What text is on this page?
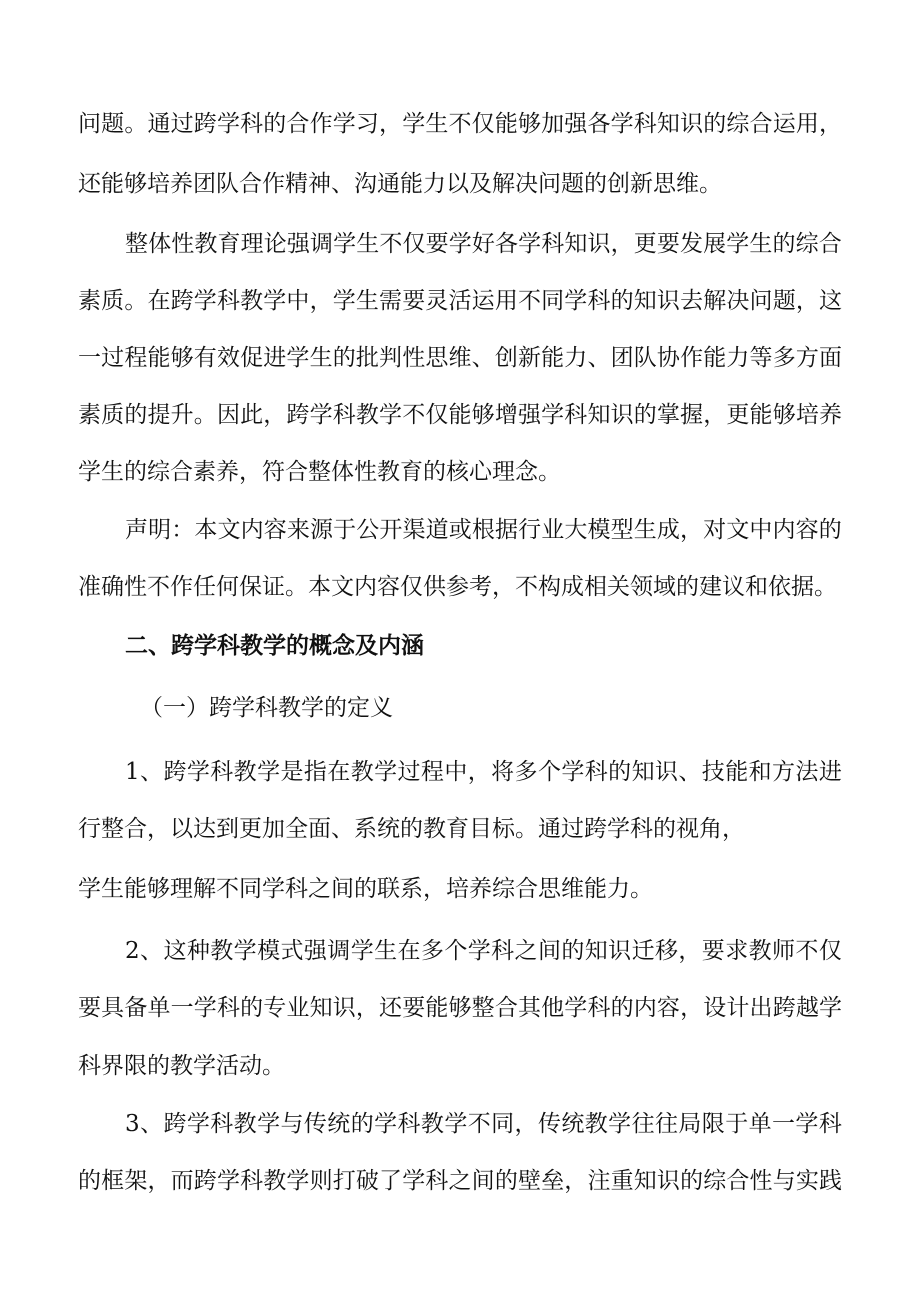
问 题 。 通 过 跨 学 科 的 合 作 学 习 ， 学 生 不 仅 能 够 加 强 各 学 科 知 识 的 综 合 运 用 ，
还能够培养团队合作精神、沟通能力以及解决问题的创新思维。
整 体 性 教 育 理 论 强 调 学 生 不 仅 要 学 好 各 学 科 知 识 ， 更 要 发 展 学 生 的 综 合
素 质 。 在 跨 学 科 教 学 中 ， 学 生 需 要 灵 活 运 用 不 同 学 科 的 知 识 去 解 决 问 题 ， 这
一 过 程 能 够 有 效 促 进 学 生 的 批 判 性 思 维 、 创 新 能 力 、 团 队 协 作 能 力 等 多 方 面
素 质 的 提 升 。 因 此 ， 跨 学 科 教 学 不 仅 能 够 增 强 学 科 知 识 的 掌 握 ， 更 能 够 培 养
学生的综合素养，符合整体性教育的核心理念。
声 明 ： 本 文 内 容 来 源 于 公 开 渠 道 或 根 据 行 业 大 模 型 生 成 ， 对 文 中 内 容 的
准确性不作任何保证。本文内容仅供参考，不构成相关领域的建议和依据。
二、跨学科教学的概念及内涵
（一）跨学科教学的定义
1 、 跨 学 科 教 学 是 指 在 教 学 过 程 中 ， 将 多 个 学 科 的 知 识 、 技 能 和 方 法 进
行整合，以达到更加全面、系统的教育目标。通过跨学科的视角，
学生能够理解不同学科之间的联系，培养综合思维能力。
2 、 这 种 教 学 模 式 强 调 学 生 在 多 个 学 科 之 间 的 知 识 迁 移 ， 要 求 教 师 不 仅
要 具 备 单 一 学 科 的 专 业 知 识 ， 还 要 能 够 整 合 其 他 学 科 的 内 容 ， 设 计 出 跨 越 学
科界限的教学活动。
3 、 跨 学 科 教 学 与 传 统 的 学 科 教 学 不 同 ， 传 统 教 学 往 往 局 限 于 单 一 学 科
的 框 架 ， 而 跨 学 科 教 学 则 打 破 了 学 科 之 间 的 壁 垒 ， 注 重 知 识 的 综 合 性 与 实 践
